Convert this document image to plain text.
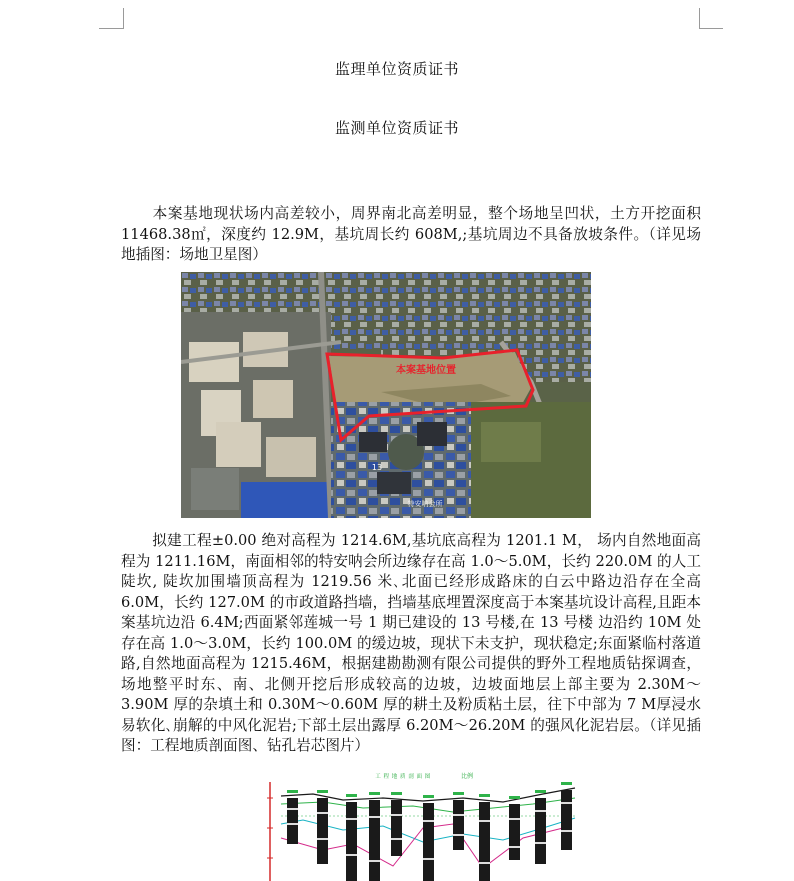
监理单位资质证书
监测单位资质证书
本案基地现状场内高差较小，周界南北高差明显，整个场地呈凹状，土方开挖面积 11468.38㎡，深度约 12.9M，基坑周长约 608M,;基坑周边不具备放坡条件。（详见场地插图：场地卫星图）
本案基地位置
13
特安呐会所
拟建工程±0.00 绝对高程为 1214.6M,基坑底高程为 1201.1 M， 场内自然地面高程为 1211.16M，南面相邻的特安呐会所边缘存在高 1.0～5.0M，长约 220.0M 的人工陡坎, 陡坎加围墙顶高程为 1219.56 米､北面已经形成路床的白云中路边沿存在全高 6.0M，长约 127.0M 的市政道路挡墙，挡墙基底埋置深度高于本案基坑设计高程,且距本案基坑边沿 6.4M;西面紧邻莲城一号 1 期已建设的 13 号楼,在 13 号楼 边沿约 10M 处存在高 1.0～3.0M，长约 100.0M 的缓边坡，现状下未支护，现状稳定;东面紧临村落道路,自然地面高程为 1215.46M，根据建勘勘测有限公司提供的野外工程地质钻探调查，场地整平时东、南、北侧开挖后形成较高的边坡，边坡面地层上部主要为 2.30M～3.90M 厚的杂填土和 0.30M～0.60M 厚的耕土及粉质粘土层，往下中部为 7 M厚浸水易软化､崩解的中风化泥岩;下部土层出露厚 6.20M～26.20M 的强风化泥岩层。（详见插图：工程地质剖面图、钻孔岩芯图片）
工 程 地 质 剖 面 图	比例
